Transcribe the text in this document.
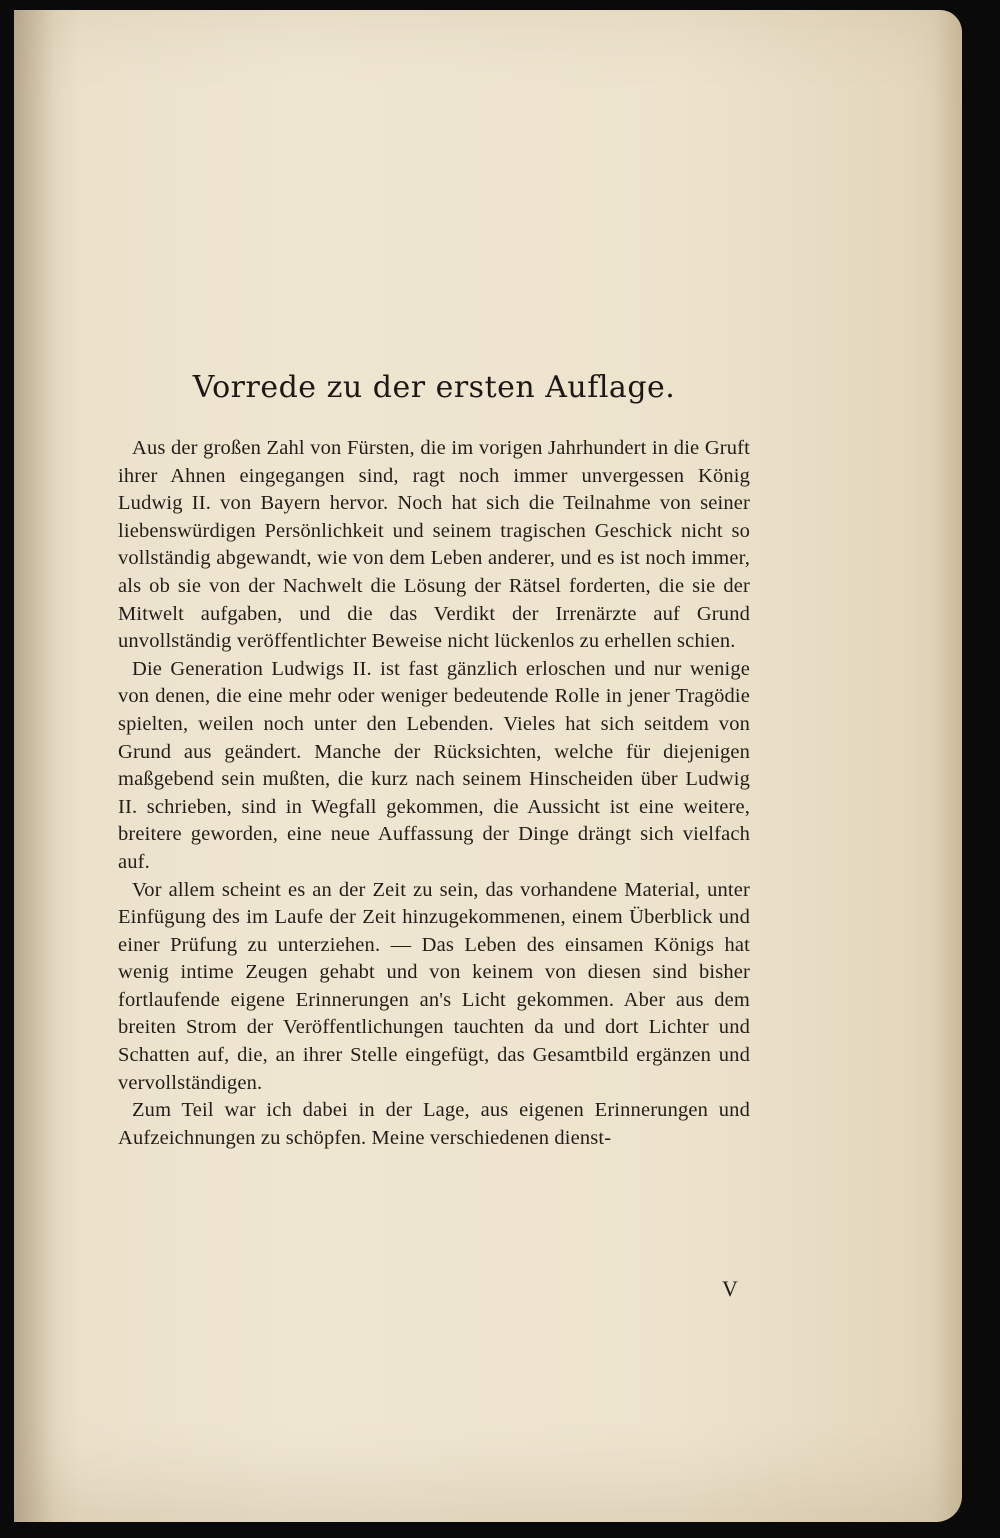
Vorrede zu der ersten Auflage.

Aus der großen Zahl von Fürsten, die im vorigen Jahrhundert in die Gruft ihrer Ahnen eingegangen sind, ragt noch immer unvergessen König Ludwig II. von Bayern hervor. Noch hat sich die Teilnahme von seiner liebenswürdigen Persönlichkeit und seinem tragischen Geschick nicht so vollständig abgewandt, wie von dem Leben anderer, und es ist noch immer, als ob sie von der Nachwelt die Lösung der Rätsel forderten, die sie der Mitwelt aufgaben, und die das Verdikt der Irrenärzte auf Grund unvollständig veröffentlichter Beweise nicht lückenlos zu erhellen schien.

Die Generation Ludwigs II. ist fast gänzlich erloschen und nur wenige von denen, die eine mehr oder weniger bedeutende Rolle in jener Tragödie spielten, weilen noch unter den Lebenden. Vieles hat sich seitdem von Grund aus geändert. Manche der Rücksichten, welche für diejenigen maßgebend sein mußten, die kurz nach seinem Hinscheiden über Ludwig II. schrieben, sind in Wegfall gekommen, die Aussicht ist eine weitere, breitere geworden, eine neue Auffassung der Dinge drängt sich vielfach auf.

Vor allem scheint es an der Zeit zu sein, das vorhandene Material, unter Einfügung des im Laufe der Zeit hinzugekommenen, einem Überblick und einer Prüfung zu unterziehen. — Das Leben des einsamen Königs hat wenig intime Zeugen gehabt und von keinem von diesen sind bisher fortlaufende eigene Erinnerungen an's Licht gekommen. Aber aus dem breiten Strom der Veröffentlichungen tauchten da und dort Lichter und Schatten auf, die, an ihrer Stelle eingefügt, das Gesamtbild ergänzen und vervollständigen.

Zum Teil war ich dabei in der Lage, aus eigenen Erinnerungen und Aufzeichnungen zu schöpfen. Meine verschiedenen dienst-

V
